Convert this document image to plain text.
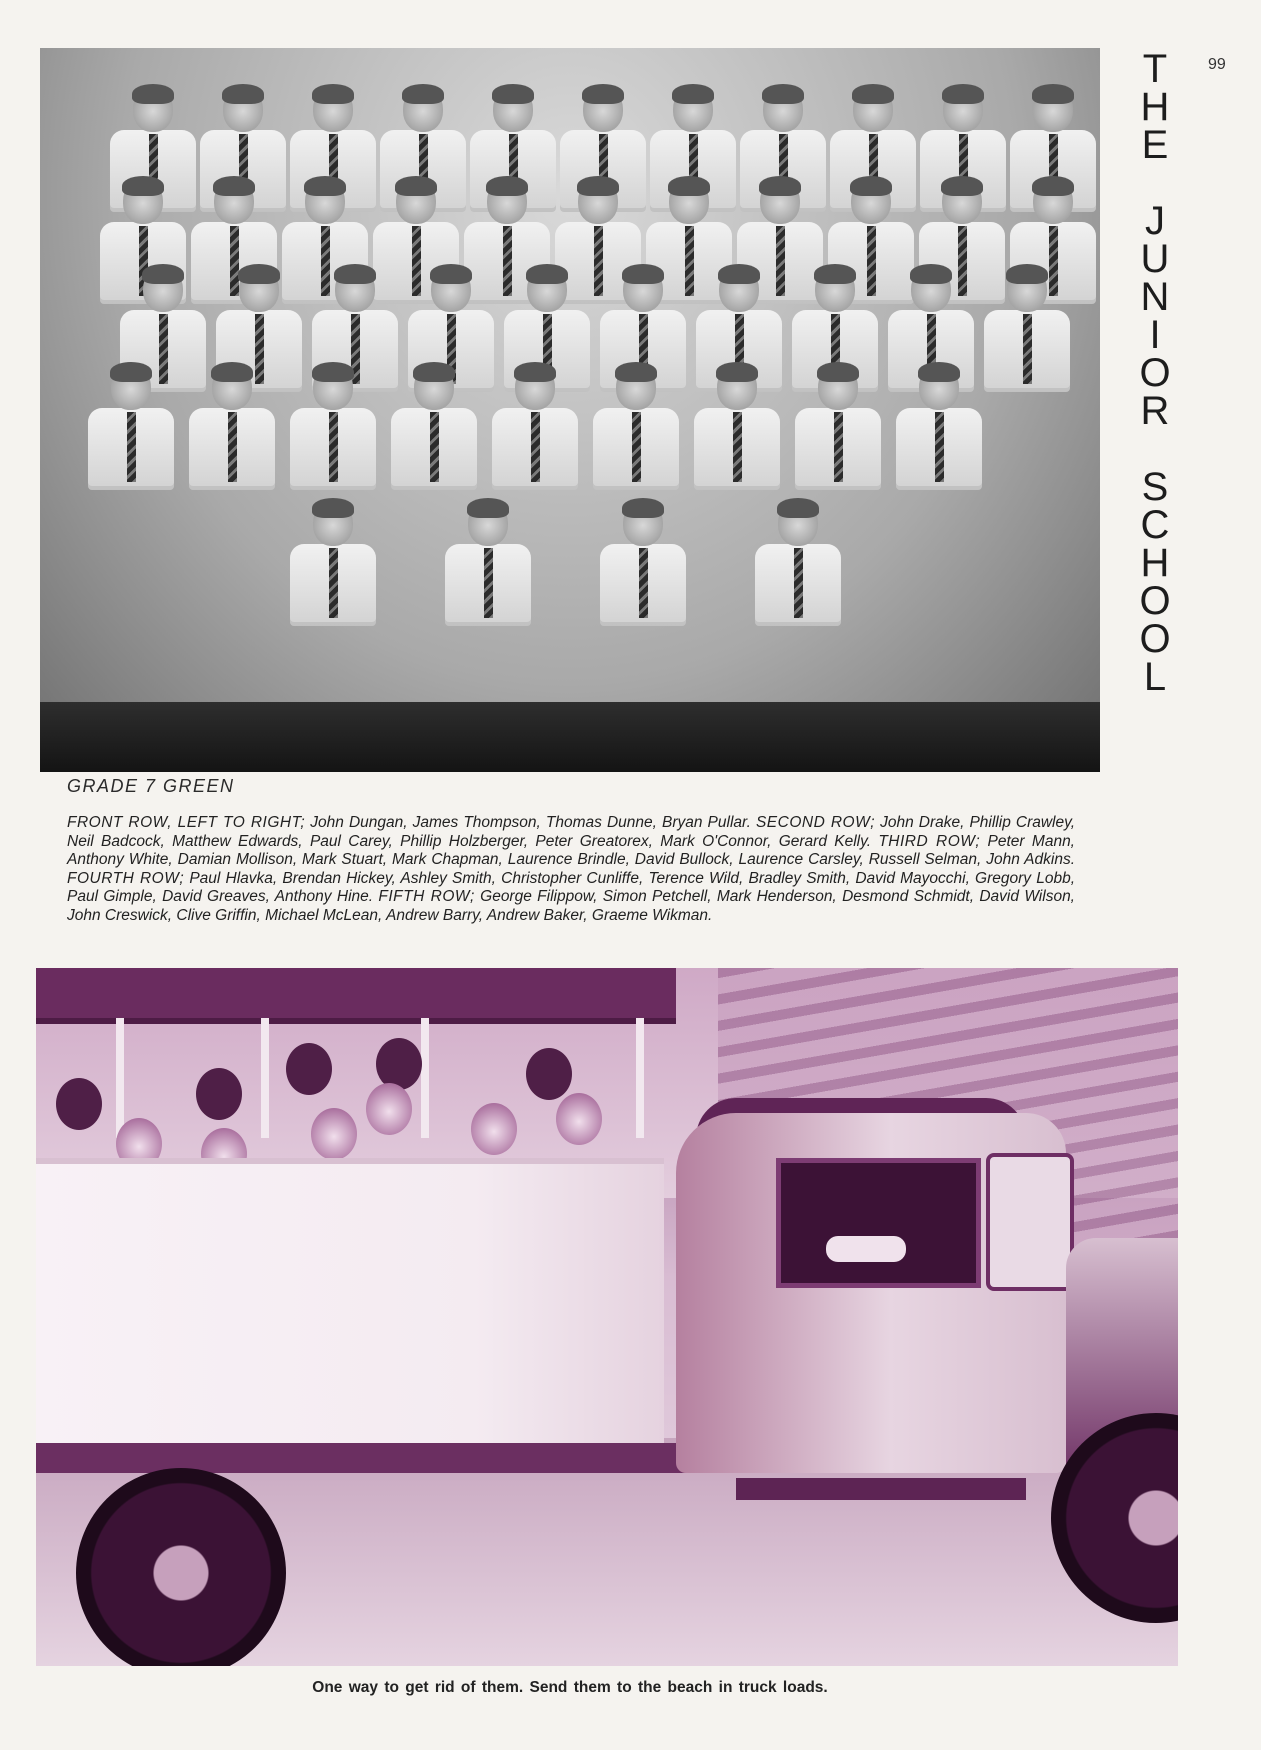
99
T
H
E
J
U
N
I
O
R
S
C
H
O
O
L
GRADE 7 GREEN
FRONT ROW, LEFT TO RIGHT; John Dungan, James Thompson, Thomas Dunne, Bryan Pullar. SECOND ROW; John Drake, Phillip Crawley, Neil Badcock, Matthew Edwards, Paul Carey, Phillip Holzberger, Peter Greatorex, Mark O'Connor, Gerard Kelly. THIRD ROW; Peter Mann, Anthony White, Damian Mollison, Mark Stuart, Mark Chapman, Laurence Brindle, David Bullock, Laurence Carsley, Russell Selman, John Adkins. FOURTH ROW; Paul Hlavka, Brendan Hickey, Ashley Smith, Christopher Cunliffe, Terence Wild, Bradley Smith, David Mayocchi, Gregory Lobb, Paul Gimple, David Greaves, Anthony Hine. FIFTH ROW; George Filippow, Simon Petchell, Mark Henderson, Desmond Schmidt, David Wilson, John Creswick, Clive Griffin, Michael McLean, Andrew Barry, Andrew Baker, Graeme Wikman.
One way to get rid of them. Send them to the beach in truck loads.
